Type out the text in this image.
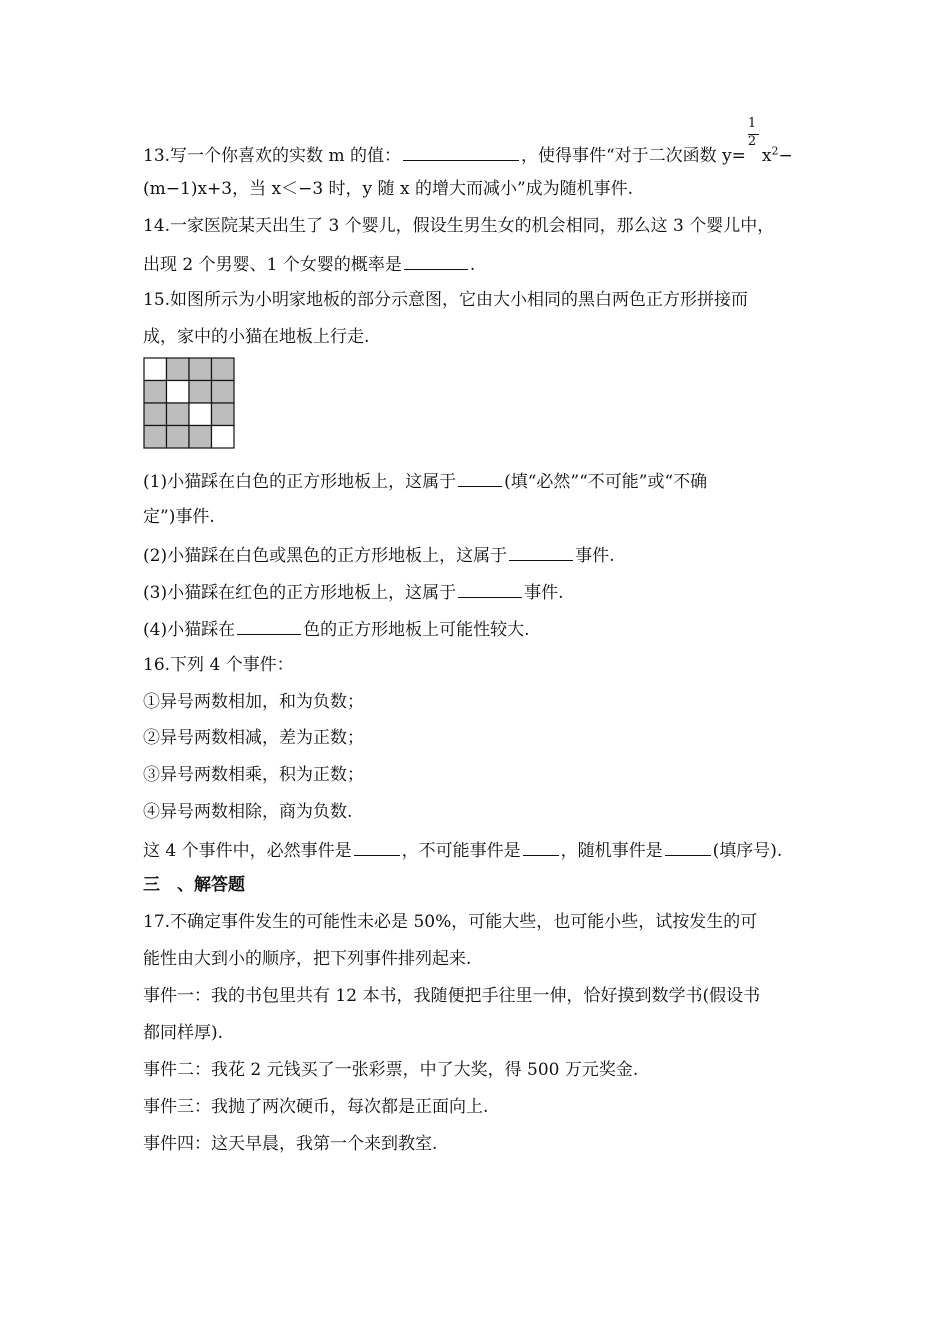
13.写一个你喜欢的实数 m 的值：	，使得事件“对于二次函数 $y= \frac{1}{2} x^2-$
(m−1)x+3，当 x＜−3 时，y 随 x 的增大而减小”成为随机事件.
14.一家医院某天出生了 3 个婴儿，假设生男生女的机会相同，那么这 3 个婴儿中，
出现 2 个男婴、1 个女婴的概率是	.
15.如图所示为小明家地板的部分示意图，它由大小相同的黑白两色正方形拼接而
成，家中的小猫在地板上行走.
(1)小猫踩在白色的正方形地板上，这属于	(填“必然”“不可能”或“不确
定”)事件.
(2)小猫踩在白色或黑色的正方形地板上，这属于	事件.
(3)小猫踩在红色的正方形地板上，这属于	事件.
(4)小猫踩在	色的正方形地板上可能性较大.
16.下列 4 个事件：
①异号两数相加，和为负数；
②异号两数相减，差为正数；
③异号两数相乘，积为正数；
④异号两数相除，商为负数.
这 4 个事件中，必然事件是	，不可能事件是 ，随机事件是	(填序号).
三　、解答题
17.不确定事件发生的可能性未必是 50%，可能大些，也可能小些，试按发生的可
能性由大到小的顺序，把下列事件排列起来.
事件一：我的书包里共有 12 本书，我随便把手往里一伸，恰好摸到数学书(假设书
都同样厚).
事件二：我花 2 元钱买了一张彩票，中了大奖，得 500 万元奖金.
事件三：我抛了两次硬币，每次都是正面向上.
事件四：这天早晨，我第一个来到教室.
